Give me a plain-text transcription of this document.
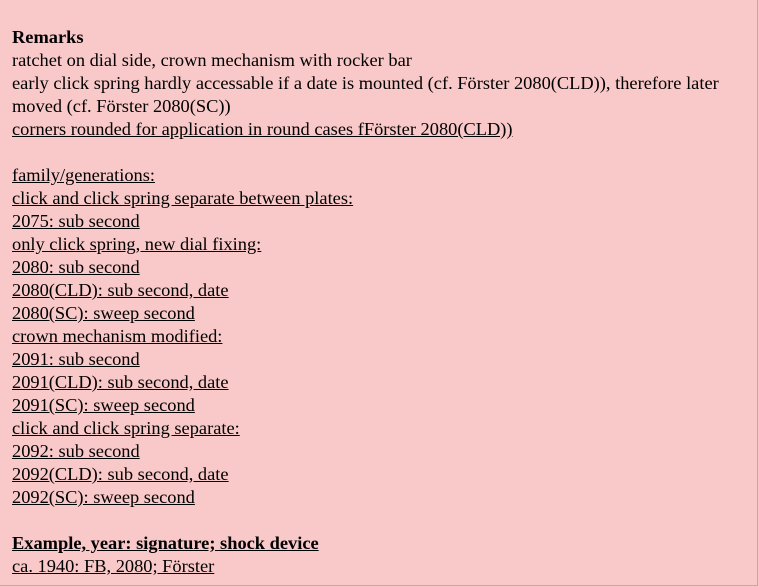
Remarks
ratchet on dial side, crown mechanism with rocker bar
early click spring hardly accessable if a date is mounted (cf. Förster 2080(CLD)), therefore later moved (cf. Förster 2080(SC))
corners rounded for application in round cases fFörster 2080(CLD))
family/generations:
click and click spring separate between plates:
2075: sub second
only click spring, new dial fixing:
2080: sub second
2080(CLD): sub second, date
2080(SC): sweep second
crown mechanism modified:
2091: sub second
2091(CLD): sub second, date
2091(SC): sweep second
click and click spring separate:
2092: sub second
2092(CLD): sub second, date
2092(SC): sweep second
Example, year: signature; shock device
ca. 1940: FB, 2080; Förster
